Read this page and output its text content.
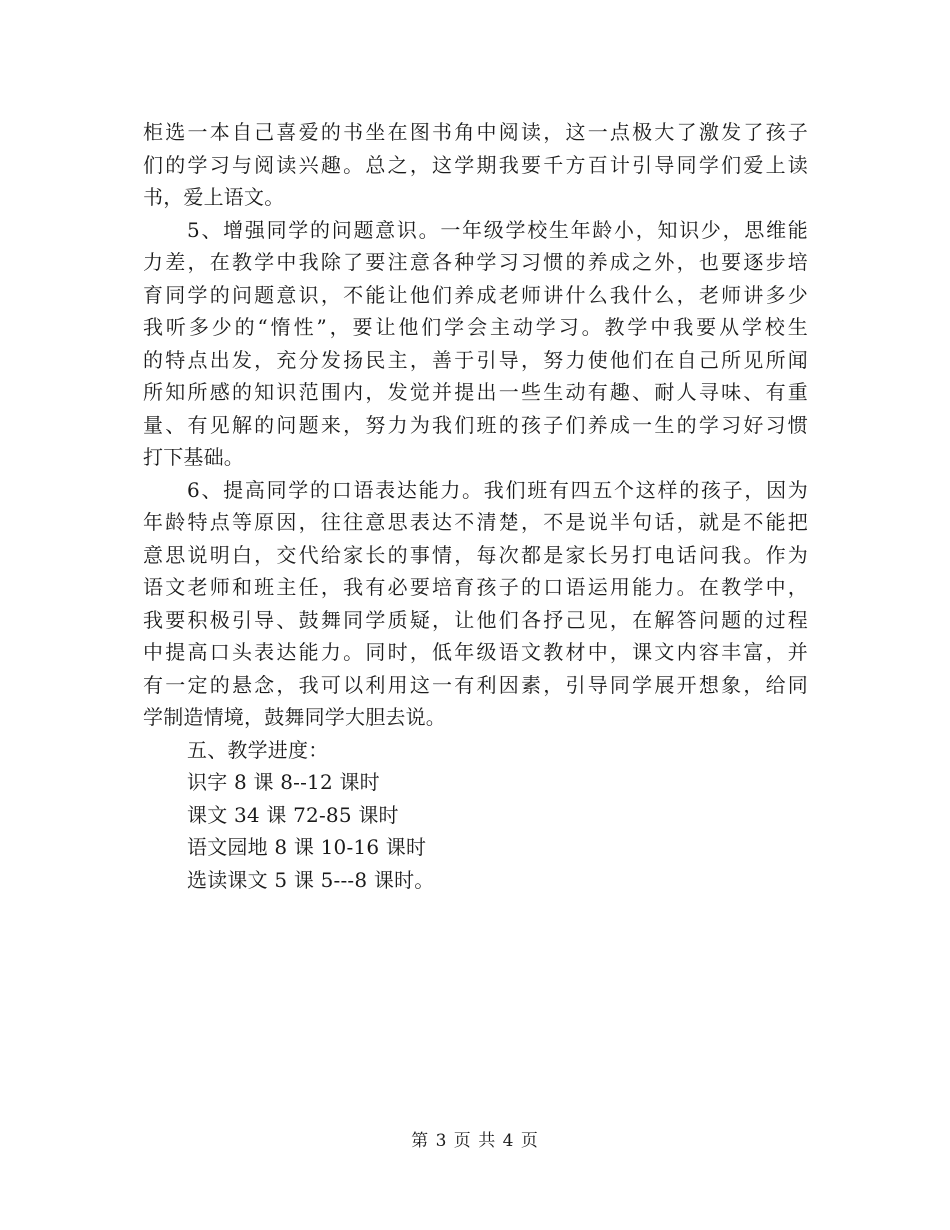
柜选一本自己喜爱的书坐在图书角中阅读，这一点极大了激发了孩子
们的学习与阅读兴趣。总之，这学期我要千方百计引导同学们爱上读
书，爱上语文。
5、增强同学的问题意识。一年级学校生年龄小，知识少，思维能
力差，在教学中我除了要注意各种学习习惯的养成之外，也要逐步培
育同学的问题意识，不能让他们养成老师讲什么我什么，老师讲多少
我听多少的“惰性”，要让他们学会主动学习。教学中我要从学校生
的特点出发，充分发扬民主，善于引导，努力使他们在自己所见所闻
所知所感的知识范围内，发觉并提出一些生动有趣、耐人寻味、有重
量、有见解的问题来，努力为我们班的孩子们养成一生的学习好习惯
打下基础。
6、提高同学的口语表达能力。我们班有四五个这样的孩子，因为
年龄特点等原因，往往意思表达不清楚，不是说半句话，就是不能把
意思说明白，交代给家长的事情，每次都是家长另打电话问我。作为
语文老师和班主任，我有必要培育孩子的口语运用能力。在教学中，
我要积极引导、鼓舞同学质疑，让他们各抒己见，在解答问题的过程
中提高口头表达能力。同时，低年级语文教材中，课文内容丰富，并
有一定的悬念，我可以利用这一有利因素，引导同学展开想象，给同
学制造情境，鼓舞同学大胆去说。
五、教学进度：
识字 8 课 8--12 课时
课文 34 课 72-85 课时
语文园地 8 课 10-16 课时
选读课文 5 课 5---8 课时。
第 3 页 共 4 页
